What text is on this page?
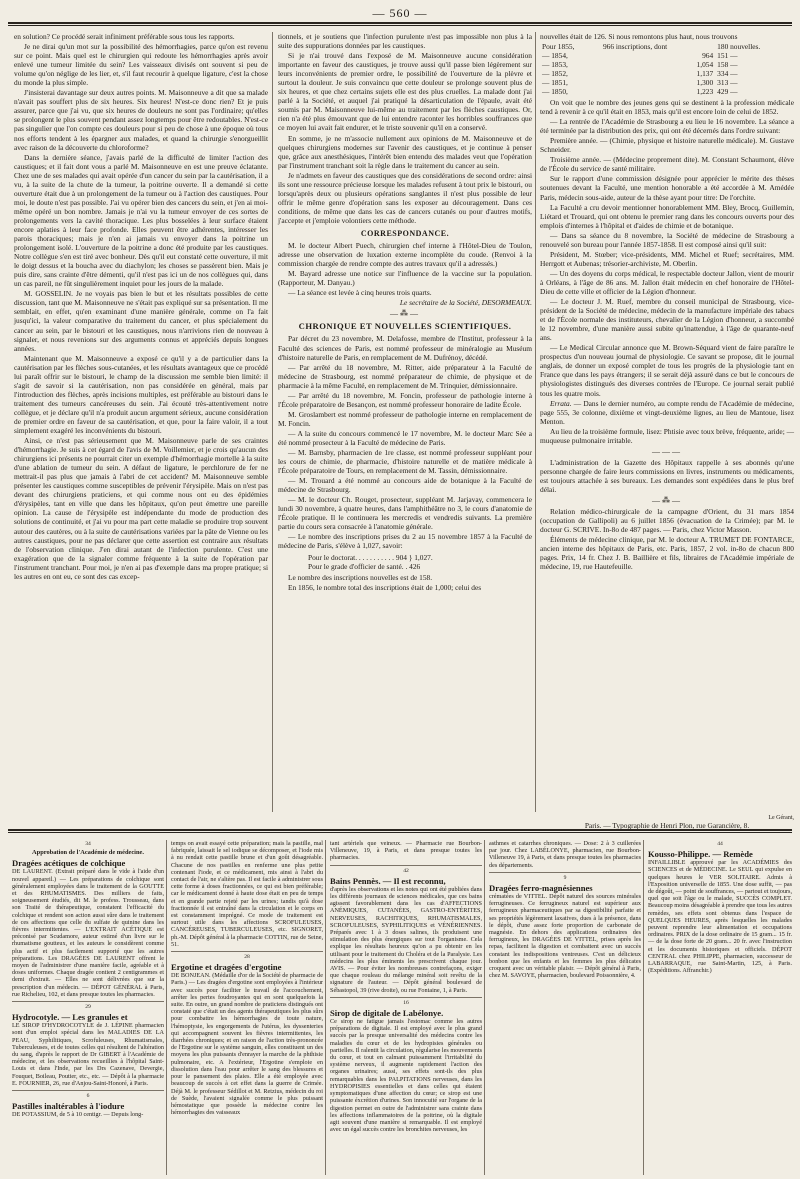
— 560 —

en solution? Ce procédé serait infiniment préférable sous tous les rapports.

Je ne dirai qu'un mot sur la possibilité des hémorrhagies, parce qu'on est revenu sur ce point. Mais quel est le chirurgien qui redoute les hémorrhagies après avoir enlevé une tumeur limitée du sein? Les vaisseaux divisés ont souvent si peu de volume qu'on néglige de les lier, et, s'il faut recourir à quelque ligature, c'est la chose du monde la plus simple.

J'insisterai davantage sur deux autres points. M. Maisonneuve a dit que sa malade n'avait pas souffert plus de six heures. Six heures! N'est-ce donc rien? Et je puis assurer, parce que j'ai vu, que six heures de douleurs ne sont pas l'ordinaire; qu'elles se prolongent le plus souvent pendant assez longtemps pour être redoutables. N'est-ce pas singulier que l'on compte ces douleurs pour si peu de chose à une époque où tous nos efforts tendent à les épargner aux malades, et quand la chirurgie s'enorgueillit avec raison de la découverte du chloroforme?

Dans la dernière séance, j'avais parlé de la difficulté de limiter l'action des caustiques; et il fait dont vous a parlé M. Maisonneuve en est une preuve éclatante. Chez une de ses malades qui avait opérée d'un cancer du sein par la cautérisation, il a vu, à la suite de la chute de la tumeur, la poitrine ouverte. Il a demandé si cette ouverture était due à un prolongement de la tumeur ou à l'action des caustiques. Pour moi, le doute n'est pas possible. J'ai vu opérer bien des cancers du sein, et j'en ai moi-même opéré un bon nombre. Jamais je n'ai vu la tumeur envoyer de ces sortes de prolongements vers la cavité thoracique. Les plus bosselées à leur surface étaient encore aplaties à leur face profonde. Elles peuvent être adhérentes, intéresser les parois thoraciques; mais je n'en ai jamais vu envoyer dans la poitrine un prolongement isolé. L'ouverture de la poitrine a donc été produite par les caustiques. Notre collègue s'en est tiré avec bonheur. Dès qu'il eut constaté cette ouverture, il mit le doigt dessus et la boucha avec du diachylon; les choses se passèrent bien. Mais je puis dire, sans crainte d'être démenti, qu'il n'est pas ici un de nos collègues qui, dans un cas pareil, ne fût singulièrement inquiet pour les jours de la malade.

M. GOSSELIN. Je ne voyais pas bien le but et les résultats possibles de cette discussion, tant que M. Maisonneuve ne s'était pas expliqué sur sa présentation. Il me semblait, en effet, qu'en examinant d'une manière générale, comme on l'a fait jusqu'ici, la valeur comparative du traitement du cancer, et plus spécialement du cancer au sein, par le bistouri et les caustiques, nous n'arrivions rien de nouveau à signaler, et nous revenions sur des arguments connus et appréciés depuis longues années.

Maintenant que M. Maisonneuve a exposé ce qu'il y a de particulier dans la cautérisation par les flèches sous-cutanées, et les résultats avantageux que ce procédé lui paraît offrir sur le bistouri, le champ de la discussion me semble bien limité: il s'agit de savoir si la cautérisation, non pas considérée en général, mais par l'introduction des flèches, après incisions multiples, est préférable au bistouri dans le traitement des tumeurs cancéreuses du sein. J'ai écouté très-attentivement notre collègue, et je déclare qu'il n'a produit aucun argument sérieux, aucune considération de premier ordre en faveur de sa cautérisation, et que, pour la faire valoir, il a tout simplement exagéré les inconvénients du bistouri.

Ainsi, ce n'est pas sérieusement que M. Maisonneuve parle de ses craintes d'hémorrhagie. Je suis à cet égard de l'avis de M. Voillemier, et je crois qu'aucun des chirurgiens ici présents ne pourrait citer un exemple d'hémorrhagie mortelle à la suite d'une ablation de tumeur du sein. A défaut de ligature, le perchlorure de fer ne mettrait-il pas plus que jamais à l'abri de cet accident? M. Maisonneuve semble présenter les caustiques comme susceptibles de prévenir l'érysipèle. Mais on n'est pas devant des chirurgiens praticiens, et qui comme nous ont eu des épidémies d'érysipèles, tant en ville que dans les hôpitaux, qu'on peut émettre une pareille opinion. La cause de l'érysipèle est indépendante du mode de production des solutions de continuité, et j'ai vu pour ma part cette maladie se produire trop souvent autour des cautères, ou à la suite de cautérisations variées par la pâte de Vienne ou les autres caustiques, pour ne pas déclarer que cette assertion est contraire aux résultats de l'observation clinique. J'en dirai autant de l'infection purulente. C'est une exagération que de la signaler comme fréquente à la suite de l'opération par l'instrument tranchant. Pour moi, je n'en ai pas d'exemple dans ma propre pratique; si les autres en ont eu, ce sont des cas excep-

tionnels, et je soutiens que l'infection purulente n'est pas impossible non plus à la suite des suppurations données par les caustiques.

Si je n'ai trouvé dans l'exposé de M. Maisonneuve aucune considération importante en faveur des caustiques, je trouve aussi qu'il passe bien légèrement sur leurs inconvénients de premier ordre, le possibilité de l'ouverture de la plèvre et surtout la douleur. Je suis convaincu que cette douleur se prolonge souvent plus de six heures, et que chez certains sujets elle est des plus cruelles. La malade dont j'ai parlé à la Société, et auquel j'ai pratiqué la désarticulation de l'épaule, avait été soumis par M. Maisonneuve lui-même au traitement par les flèches caustiques. Or, rien n'a été plus émouvant que de lui entendre raconter les horribles souffrances que ce moyen lui avait fait endurer, et le triste souvenir qu'il en a conservé.

En somme, je ne m'associe nullement aux opinions de M. Maisonneuve et de quelques chirurgiens modernes sur l'avenir des caustiques, et je continue à penser que, grâce aux anesthésiques, l'intérêt bien entendu des malades veut que l'opération par l'instrument tranchant soit la règle dans le traitement du cancer au sein.

Je n'admets en faveur des caustiques que des considérations de second ordre: ainsi ils sont une ressource précieuse lorsque les malades refusent à tout prix le bistouri, ou lorsqu'après deux ou plusieurs opérations sanglantes il n'est plus possible de leur offrir le même genre d'opération sans les exposer au découragement. Dans ces conditions, de même que dans les cas de cancers cutanés ou pour d'autres motifs, j'accepte et j'emploie volontiers cette méthode.

CORRESPONDANCE.

M. le docteur Albert Puech, chirurgien chef interne à l'Hôtel-Dieu de Toulon, adresse une observation de luxation externe incomplète du coude. (Renvoi à la commission chargée de rendre compte des autres travaux qu'il a adressés.)

M. Bayard adresse une notice sur l'influence de la vaccine sur la population. (Rapporteur, M. Danyau.)

— La séance est levée à cinq heures trois quarts.

Le secrétaire de la Société, DESORMEAUX.
—⁂—
CHRONIQUE ET NOUVELLES SCIENTIFIQUES.

Par décret du 23 novembre, M. Delafosse, membre de l'Institut, professeur à la Faculté des sciences de Paris, est nommé professeur de minéralogie au Muséum d'histoire naturelle de Paris, en remplacement de M. Dufrénoy, décédé.

— Par arrêté du 18 novembre, M. Ritter, aide préparateur à la Faculté de médecine de Strasbourg, est nommé préparateur de chimie, de physique et de pharmacie à la même Faculté, en remplacement de M. Trinquier, démissionnaire.

— Par arrêté du 18 novembre, M. Foncin, professeur de pathologie interne à l'École préparatoire de Besançon, est nommé professeur honoraire de ladite École.

M. Groslambert est nommé professeur de pathologie interne en remplacement de M. Foncin.

— A la suite du concours commencé le 17 novembre, M. le docteur Marc Sée a été nommé prosecteur à la Faculté de médecine de Paris.

— M. Barnsby, pharmacien de 1re classe, est nommé professeur suppléant pour les cours de chimie, de pharmacie, d'histoire naturelle et de matière médicale à l'École préparatoire de Tours, en remplacement de M. Tassin, démissionnaire.

— M. Trouard a été nommé au concours aide de botanique à la Faculté de médecine de Strasbourg.

— M. le docteur Ch. Rouget, prosecteur, suppléant M. Jarjavay, commencera le lundi 30 novembre, à quatre heures, dans l'amphithéâtre no 3, le cours d'anatomie de l'École pratique. Il le continuera les mercredis et vendredis suivants. La première partie du cours sera consacrée à l'anatomie générale.

— Le nombre des inscriptions prises du 2 au 15 novembre 1857 à la Faculté de médecine de Paris, s'élève à 1,027, savoir:

Pour le doctorat. . . . . . . . . . . 904 } 1,027.
Pour le grade d'officier de santé. . 426

Le nombre des inscriptions nouvelles est de 158.

En 1856, le nombre total des inscriptions était de 1,000; celui des

nouvelles était de 126. Si nous remontons plus haut, nous trouvons

Pour 1855,	966 inscriptions, dont	180 nouvelles.
— 1854,	964	151 —
— 1853,	1,054	158 —
— 1852,	1,137	334 —
— 1851,	1,300	313 —
— 1850,	1,223	429 —

On voit que le nombre des jeunes gens qui se destinent à la profession médicale tend à revenir à ce qu'il était en 1853, mais qu'il est encore loin de celui de 1852.

— La rentrée de l'Académie de Strasbourg a eu lieu le 16 novembre. La séance a été terminée par la distribution des prix, qui ont été décernés dans l'ordre suivant:

Première année. — (Chimie, physique et histoire naturelle médicale). M. Gustave Schneider.

Troisième année. — (Médecine proprement dite). M. Constant Schaumont, élève de l'École du service de santé militaire.

Sur le rapport d'une commission désignée pour apprécier le mérite des thèses soutenues devant la Faculté, une mention honorable a été accordée à M. Amédée Paris, médecin sous-aide, auteur de la thèse ayant pour titre: De l'orchite.

La Faculté a cru devoir mentionner honorablement MM. Bley, Brocq, Guillemin, Liétard et Trouard, qui ont obtenu le premier rang dans les concours ouverts pour des emplois d'internes à l'hôpital et d'aides de chimie et de botanique.

— Dans sa séance du 8 novembre, la Société de médecine de Strasbourg a renouvelé son bureau pour l'année 1857-1858. Il est composé ainsi qu'il suit:

Président, M. Stœber; vice-présidents, MM. Michel et Ruef; secrétaires, MM. Herrgott et Aubenas; trésorier-archiviste, M. Oberlin.

— Un des doyens du corps médical, le respectable docteur Jallon, vient de mourir à Orléans, à l'âge de 86 ans. M. Jallon était médecin en chef honoraire de l'Hôtel-Dieu de cette ville et officier de la Légion d'honneur.

— Le docteur J. M. Ruef, membre du conseil municipal de Strasbourg, vice-président de la Société de médecine, médecin de la manufacture impériale des tabacs et de l'École normale des instituteurs, chevalier de la Légion d'honneur, a succombé le 12 novembre, d'une manière aussi subite qu'inattendue, à l'âge de quarante-neuf ans.

— Le Medical Circular annonce que M. Brown-Séquard vient de faire paraître le prospectus d'un nouveau journal de physiologie. Ce savant se propose, dit le journal anglais, de donner un exposé complet de tous les progrès de la physiologie tant en France que dans les pays étrangers; il se serait déjà assuré dans ce but le concours de physiologistes distingués des diverses contrées de l'Europe. Ce journal serait publié tous les quatre mois.

Errata. — Dans le dernier numéro, au compte rendu de l'Académie de médecine, page 555, 3e colonne, dixième et vingt-deuxième lignes, au lieu de Mantoue, lisez Menton.

Au lieu de la troisième formule, lisez: Phtisie avec toux brève, fréquente, aride; — muqueuse pulmonaire irritable.

———

L'administration de la Gazette des Hôpitaux rappelle à ses abonnés qu'une personne chargée de faire leurs commissions en livres, instruments ou médicaments, est toujours attachée à ses bureaux. Les demandes sont expédiées dans le plus bref délai.

—⁂—

Relation médico-chirurgicale de la campagne d'Orient, du 31 mars 1854 (occupation de Gallipoli) au 6 juillet 1856 (évacuation de la Crimée); par M. le docteur G. SCRIVE. In-8o de 487 pages. — Paris, chez Victor Masson.

Éléments de médecine clinique, par M. le docteur A. TRUMET DE FONTARCE, ancien interne des hôpitaux de Paris, etc. Paris, 1857, 2 vol. in-8o de chacun 800 pages. Prix, 14 fr. Chez J. B. Baillière et fils, libraires de l'Académie impériale de médecine, 19, rue Hautefeuille.

Le Gérant,
Paris. — Typographie de Henri Plon, rue Garancière, 8.
34
Approbation de l'Académie de médecine.
Dragées acétiques de colchique
DE LAURENT. (Extrait préparé dans le vide à l'aide d'un nouvel appareil.) — Les préparations de colchique sont généralement employées dans le traitement de la GOUTTE et des RHUMATISMES. Des milliers de faits, soigneusement étudiés, dit M. le profess. Trousseau, dans son Traité de thérapeutique, constatent l'efficacité du colchique et rendent son action aussi sûre dans le traitement de ces affections que celle du sulfate de quinine dans les fièvres intermittentes. — L'EXTRAIT ACÉTIQUE est préconisé par Scudamore, auteur estimé d'un livre sur le rhumatisme goutteux, et les auteurs le considèrent comme plus actif et plus facilement supporté que les autres préparations. Les DRAGÉES DE LAURENT offrent le moyen de l'administrer d'une manière facile, agréable et à doses uniformes. Chaque dragée contient 2 centigrammes et demi d'extrait. — Elles ne sont délivrées que sur la prescription d'un médecin. — DÉPOT GÉNÉRAL à Paris, rue Richelieu, 102, et dans presque toutes les pharmacies.
29
Hydrocotyle. — Les granules et
LE SIROP D'HYDROCOTYLE de J. LÉPINE pharmacien sont d'un emploi spécial dans les MALADIES DE LA PEAU, Syphilitiques, Scrofuleuses, Rhumatismales, Tuberculeuses, et de toutes celles qui résultent de l'altération du sang, d'après le rapport de Dr GIBERT à l'Académie de médecine, et les observations recueillies à l'hôpital Saint-Louis et dans l'Inde, par les Drs Cazenave, Devergie, Fouquet, Boileau, Poutier, etc., etc. — Dépôt à la pharmacie E. FOURNIER, 26, rue d'Anjou-Saint-Honoré, à Paris.
6
Pastilles inaltérables à l'iodure
DE POTASSIUM, de 5 à 10 centigr. — Depuis long-
temps on avait essayé cette préparation; mais la pastille, mal fabriquée, laissait le sel iodique se décomposer, et l'iode mis à nu rendait cette pastille brune et d'un goût désagréable. Chacune de nos pastilles en renferme une plus petite contenant l'iode, et ce médicament, mis ainsi à l'abri du contact de l'air, ne s'altère pas. Il est facile à administrer sous cette forme à doses fractionnées, ce qui est bien préférable; car le médicament donné à haute dose était en peu de temps et en grande partie rejeté par les urines; tandis qu'à dose fractionnée il est entraîné dans la circulation et le corps en est constamment imprégné. Ce mode de traitement est surtout utile dans les affections SCROFULEUSES, CANCÉREUSES, TUBERCULEUSES, etc. SIGNORET, ph.-M. Dépôt général à la pharmacie COTTIN, rue de Seine, 51.
28
Ergotine et dragées d'ergotine
DE BONJEAN. (Médaille d'or de la Société de pharmacie de Paris.) — Les dragées d'ergotine sont employées à l'intérieur avec succès pour faciliter le travail de l'accouchement, arrêter les pertes foudroyantes qui en sont quelquefois la suite. En outre, un grand nombre de praticiens distingués ont constaté que c'était un des agents thérapeutiques les plus sûrs pour combattre les hémorrhagies de toute nature, l'hémoptysie, les engorgements de l'utérus, les dyssenteries qui accompagnent souvent les fièvres intermittentes, les diarrhées chroniques; et en raison de l'action très-prononcée de l'Ergotine sur le système sanguin, elles constituent un des moyens les plus puissants d'enrayer la marche de la phthisie pulmonaire, etc. A l'extérieur, l'Ergotine s'emploie en dissolution dans l'eau pour arrêter le sang des blessures et pour le pansement des plaies. Elle a été employée avec beaucoup de succès à cet effet dans la guerre de Crimée. Déjà M. le professeur Sédillot et M. Retzius, médecin du roi de Suède, l'avaient signalée comme le plus puissant hémostatique que possède la médecine contre les hémorrhagies des vaisseaux
tant artériels que veineux. — Pharmacie rue Bourbon-Villeneuve, 19, à Paris, et dans presque toutes les pharmacies.
42
Bains Pennès. — Il est reconnu,
d'après les observations et les notes qui ont été publiées dans les différents journaux de sciences médicales, que ces bains agissent favorablement dans les cas d'AFFECTIONS ANÉMIQUES, CUTANÉES, GASTRO-ENTÉRITES, NERVEUSES, RACHITIQUES, RHUMATISMALES, SCROFULEUSES, SYPHILITIQUES et VÉNÉRIENNES. Préparés avec 1 à 3 doses salines, ils produisent une stimulation des plus énergiques sur tout l'organisme. Cela explique les résultats heureux qu'on a pu obtenir en les utilisant pour le traitement du Choléra et de la Paralysie. Les médecins les plus éminents les prescrivent chaque jour. AVIS. — Pour éviter les nombreuses contrefaçons, exiger que chaque rouleau du mélange minéral soit revêtu de la signature de l'auteur. — Dépôt général boulevard de Sébastopol, 39 (rive droite), ou rue Fontaine, 1, à Paris.
16
Sirop de digitale de Labélonye.
Ce sirop ne fatigue jamais l'estomac comme les autres préparations de digitale. Il est employé avec le plus grand succès par la presque universalité des médecins contre les maladies du cœur et de les hydropisies générales ou partielles. Il ralentit la circulation, régularise les mouvements du cœur, et tout en calmant puissamment l'irritabilité du système nerveux, il augmente rapidement l'action des organes urinaires; aussi, ses effets sont-ils des plus remarquables dans les PALPITATIONS nerveuses, dans les HYDROPISIES essentielles et dans celles qui étaient symptomatiques d'une affection du cœur; ce sirop est une puissante éxcrétion d'urines. Son innocuité sur l'organe de la digestion permet en outre de l'administrer sans crainte dans les affections inflammatoires de la poitrine, où la digitale agit souvent d'une manière si remarquable. Il est employé avec un égal succès contre les bronchites nerveuses, les
asthmes et catarrhes chroniques. — Dose: 2 à 3 cuillerées par jour. Chez LABÉLONYE, pharmacien, rue Bourbon-Villeneuve 19, à Paris, et dans presque toutes les pharmacies des départements.
9
Dragées ferro-magnésiennes
crématées de VITTEL. Dépôt naturel des sources minérales ferrugineuses. Ce ferrugineux naturel est supérieur aux ferrugineux pharmaceutiques par sa digestibilité parfaite et ses propriétés légèrement laxatives, dues à la présence, dans le dépôt, d'une assez forte proportion de carbonate de magnésie. En dehors des applications ordinaires des ferrugineux, les DRAGÉES DE VITTEL, prises après les repas, facilitent la digestion et combattent avec un succès constant les indispositions ventreuses. C'est un délicieux bonbon que les enfants et les femmes les plus délicates croquent avec un véritable plaisir. — Dépôt général à Paris, chez M. SAVOYE, pharmacien, boulevard Poissonnière, 4.
44
Kousso-Philippe. — Remède
INFAILLIBLE approuvé par les ACADÉMIES des SCIENCES et de MÉDECINE. Le SEUL qui expulse en quelques heures le VER SOLITAIRE. Admis à l'Exposition universelle de 1855. Une dose suffit, — pas de dégoût, — point de souffrances, — partout et toujours, quel que soit l'âge ou le malade, SUCCÈS COMPLET. Beaucoup moins désagréable à prendre que tous les autres remèdes, ses effets sont obtenus dans l'espace de QUELQUES HEURES, après lesquelles les malades peuvent reprendre leur alimentation et occupations ordinaires. PRIX de la dose ordinaire de 15 gram... 15 fr. — de la dose forte de 20 gram... 20 fr. avec l'instruction et les documents historiques et officiels. DÉPOT CENTRAL chez PHILIPPE, pharmacien, successeur de LABARRAQUE, rue Saint-Martin, 125, à Paris. (Expéditions. Affranchir.)
